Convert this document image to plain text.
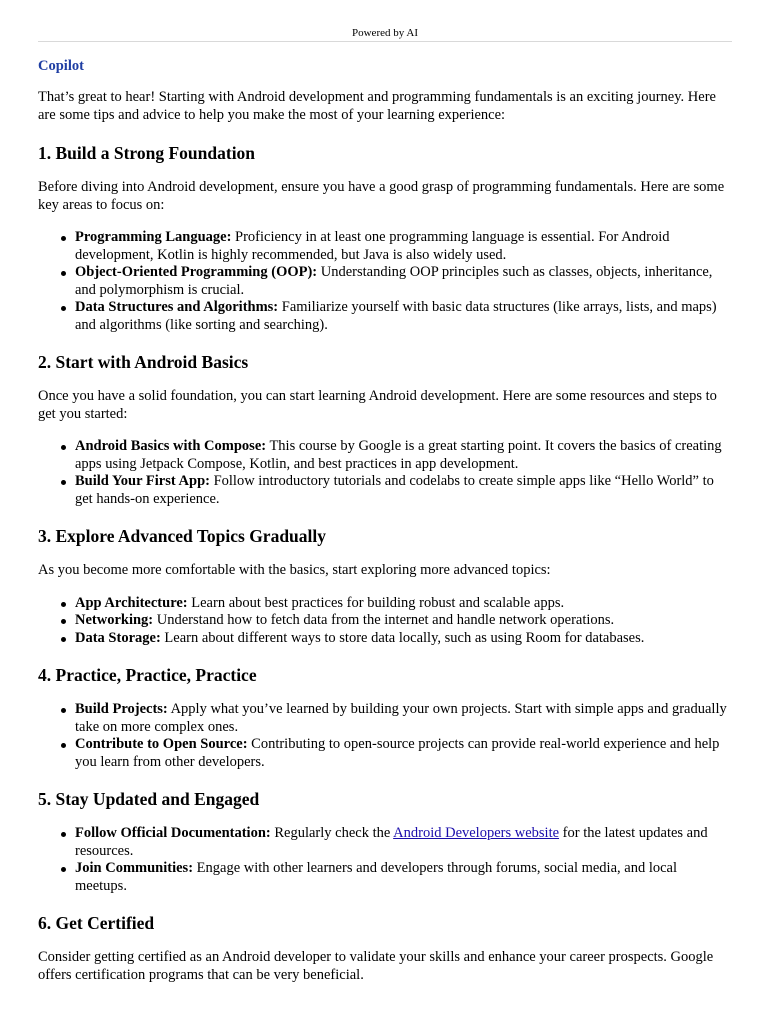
Powered by AI
Copilot

That’s great to hear! Starting with Android development and programming fundamentals is an exciting journey. Here are some tips and advice to help you make the most of your learning experience:

1. Build a Strong Foundation

Before diving into Android development, ensure you have a good grasp of programming fundamentals. Here are some key areas to focus on:

Programming Language: Proficiency in at least one programming language is essential. For Android development, Kotlin is highly recommended, but Java is also widely used.
Object-Oriented Programming (OOP): Understanding OOP principles such as classes, objects, inheritance, and polymorphism is crucial.
Data Structures and Algorithms: Familiarize yourself with basic data structures (like arrays, lists, and maps) and algorithms (like sorting and searching).
2. Start with Android Basics

Once you have a solid foundation, you can start learning Android development. Here are some resources and steps to get you started:

Android Basics with Compose: This course by Google is a great starting point. It covers the basics of creating apps using Jetpack Compose, Kotlin, and best practices in app development.
Build Your First App: Follow introductory tutorials and codelabs to create simple apps like “Hello World” to get hands-on experience.
3. Explore Advanced Topics Gradually

As you become more comfortable with the basics, start exploring more advanced topics:

App Architecture: Learn about best practices for building robust and scalable apps.
Networking: Understand how to fetch data from the internet and handle network operations.
Data Storage: Learn about different ways to store data locally, such as using Room for databases.
4. Practice, Practice, Practice
Build Projects: Apply what you’ve learned by building your own projects. Start with simple apps and gradually take on more complex ones.
Contribute to Open Source: Contributing to open-source projects can provide real-world experience and help you learn from other developers.
5. Stay Updated and Engaged
Follow Official Documentation: Regularly check the Android Developers website for the latest updates and resources.
Join Communities: Engage with other learners and developers through forums, social media, and local meetups.
6. Get Certified

Consider getting certified as an Android developer to validate your skills and enhance your career prospects. Google offers certification programs that can be very beneficial.
